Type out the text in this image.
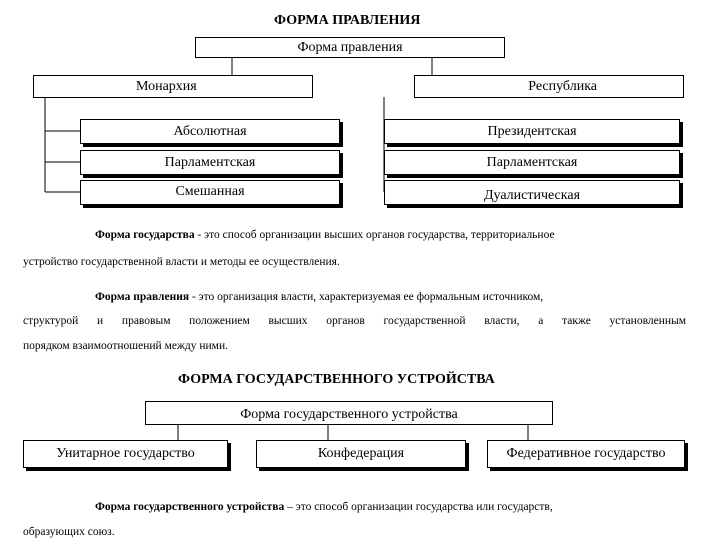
ФОРМА ПРАВЛЕНИЯ
Форма правления
Монархия	Республика
Абсолютная
Парламентская
Смешанная
Президентская
Парламентская
Дуалистическая
Форма государства - это способ организации высших органов государства, территориальное
устройство государственной власти и методы ее осуществления.
Форма правления - это организация власти, характеризуемая ее формальным источником,
структурой и правовым положением высших органов государственной власти, а также установленным
порядком взаимоотношений между ними.
ФОРМА ГОСУДАРСТВЕННОГО УСТРОЙСТВА
Форма государственного устройства
Унитарное государство	Конфедерация	Федеративное государство
Форма государственного устройства – это способ организации государства или государств,
образующих союз.
